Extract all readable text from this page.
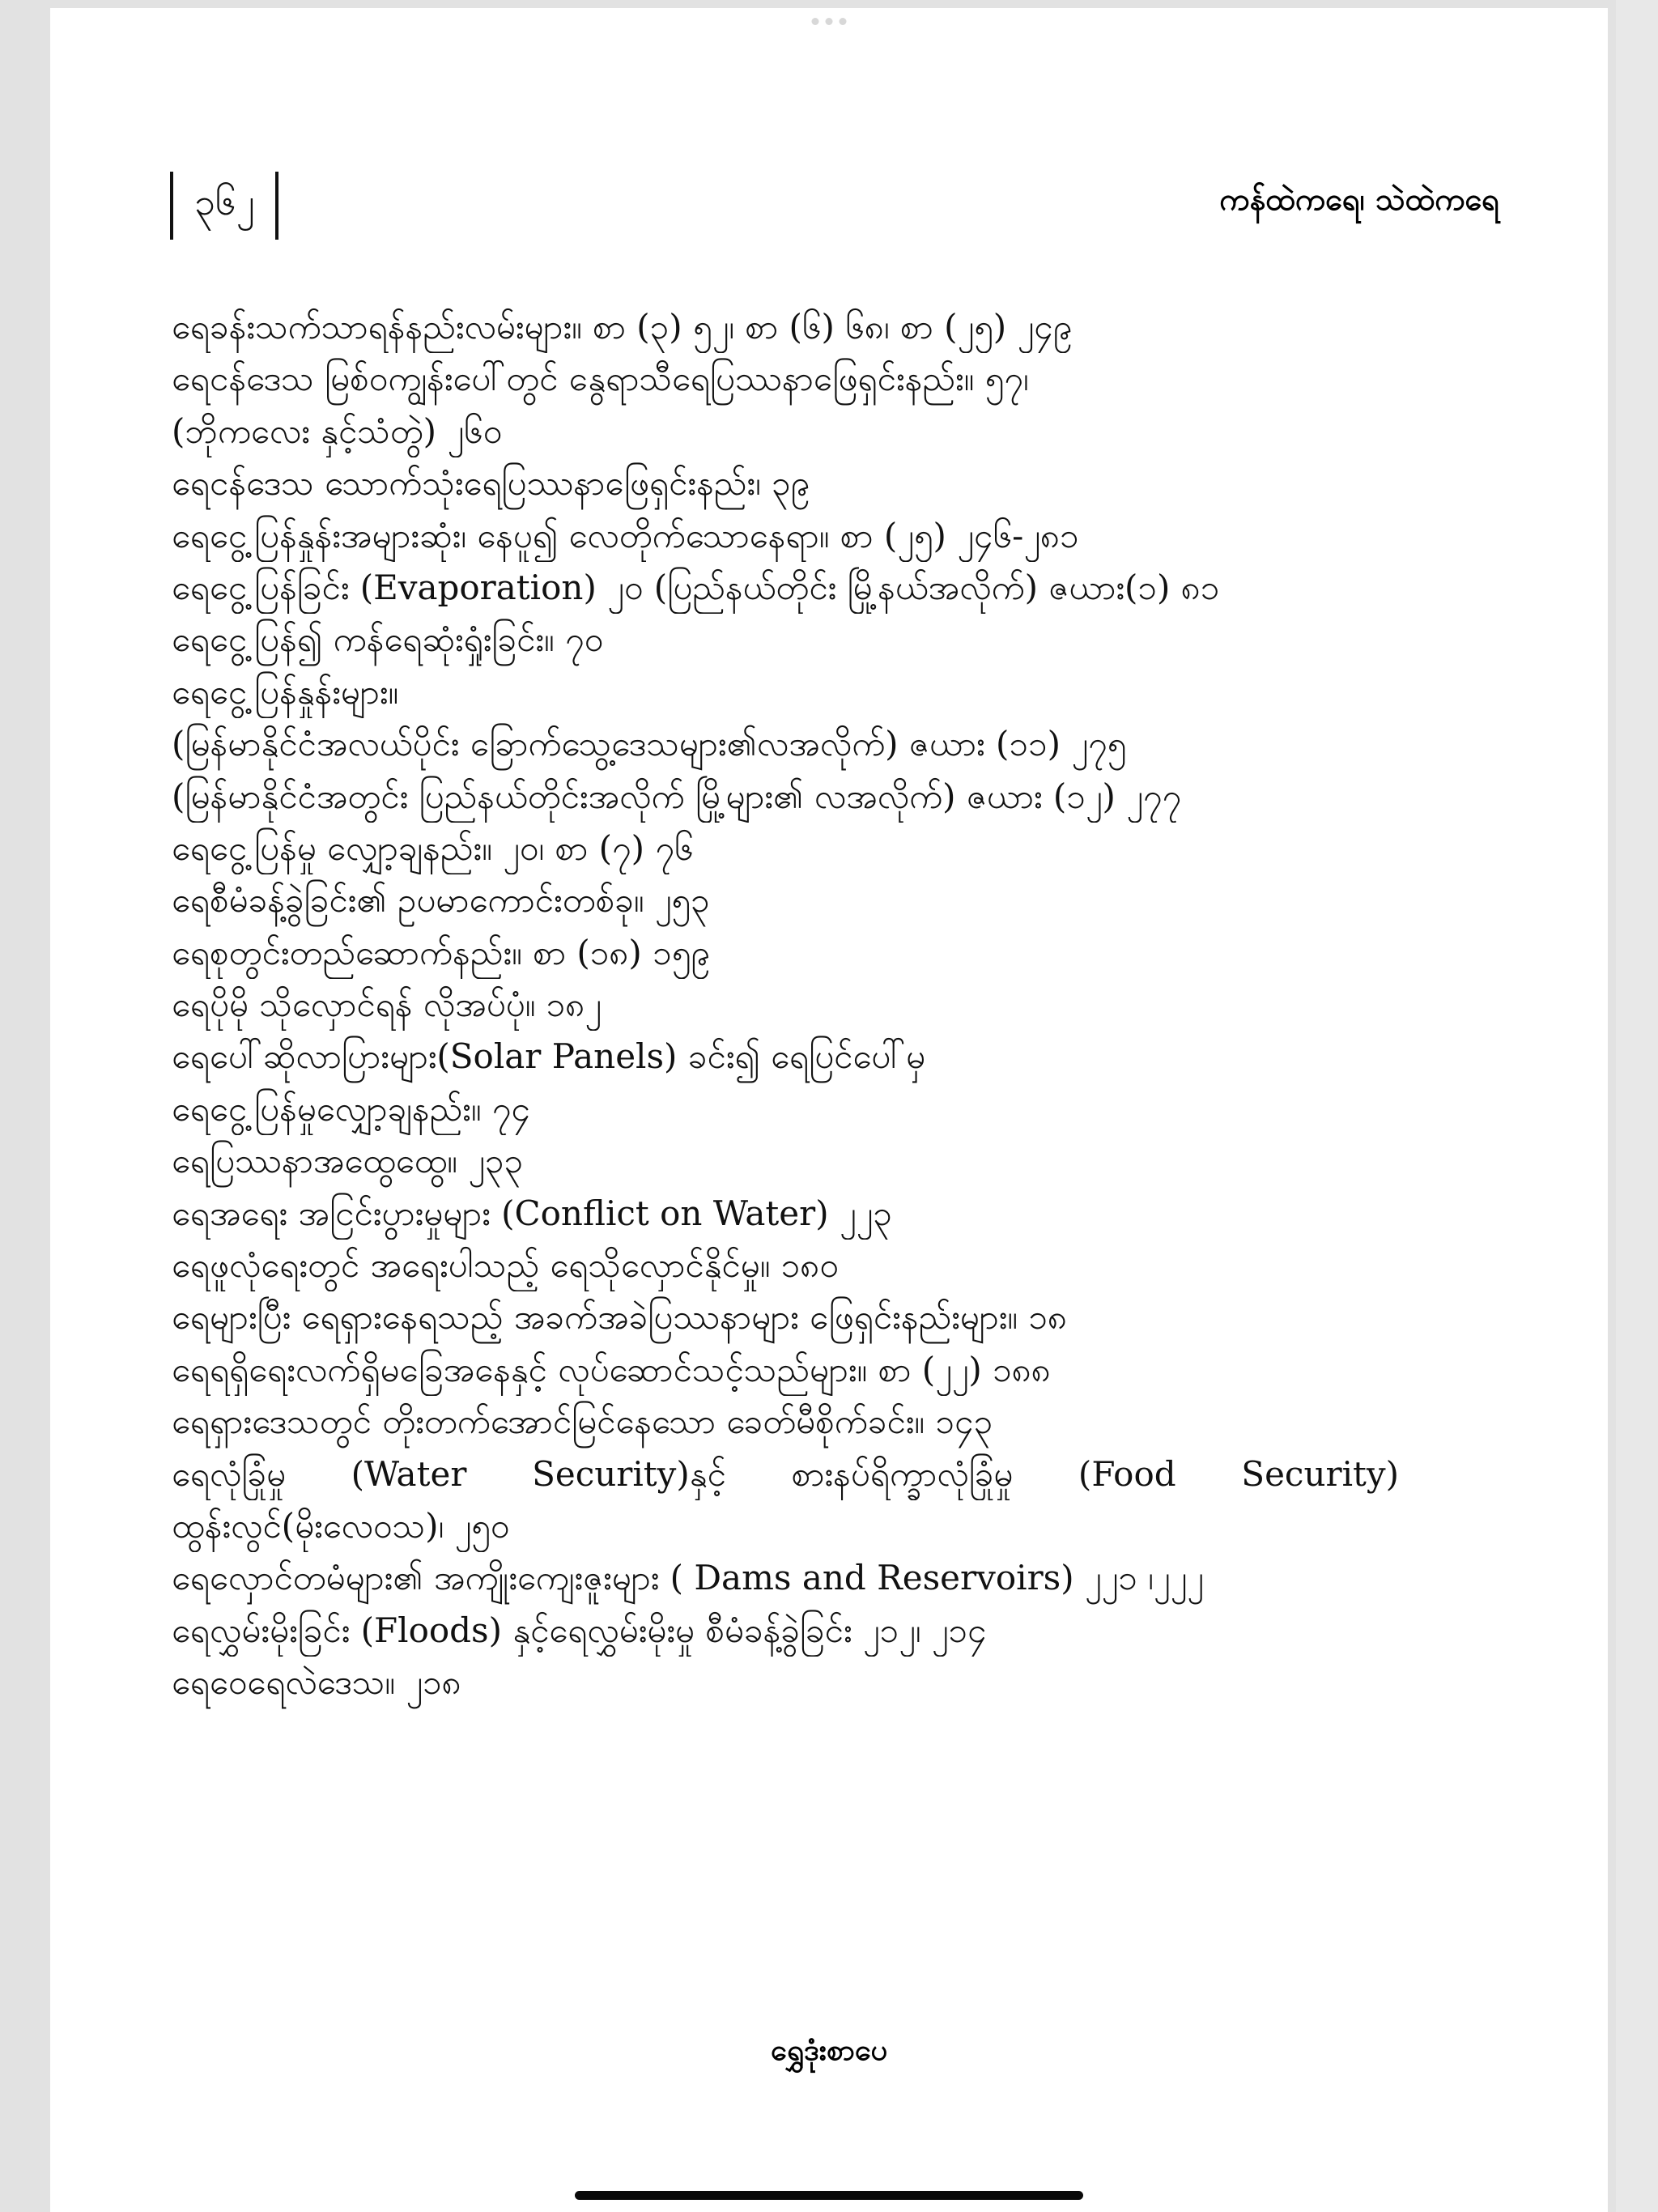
၃၆၂	ကန်ထဲကရေ၊ သဲထဲကရေ
ရေခန်းသက်သာရန်နည်းလမ်းများ။ စာ (၃) ၅၂၊ စာ (၆) ၆၈၊ စာ (၂၅) ၂၄၉
ရေငန်ဒေသ မြစ်ဝကျွန်းပေါ်တွင် နွေရာသီရေပြဿနာဖြေရှင်းနည်း။ ၅၇၊
(ဘိုကလေး နှင့်သံတွဲ) ၂၆၀
ရေငန်ဒေသ သောက်သုံးရေပြဿနာဖြေရှင်းနည်း၊ ၃၉
ရေငွေ့ပြန်နှုန်းအများဆုံး၊ နေပူ၍ လေတိုက်သောနေရာ။ စာ (၂၅) ၂၄၆-၂၈၁
ရေငွေ့ပြန်ခြင်း (Evaporation) ၂၀ (ပြည်နယ်တိုင်း မြို့နယ်အလိုက်) ဇယား(၁) ၈၁
ရေငွေ့ပြန်၍ ကန်ရေဆုံးရှုံးခြင်း။ ၇၀
ရေငွေ့ပြန်နှုန်းများ။
(မြန်မာနိုင်ငံအလယ်ပိုင်း ခြောက်သွေ့ဒေသများ၏လအလိုက်) ဇယား (၁၁) ၂၇၅
(မြန်မာနိုင်ငံအတွင်း ပြည်နယ်တိုင်းအလိုက် မြို့များ၏ လအလိုက်) ဇယား (၁၂) ၂၇၇
ရေငွေ့ပြန်မှု လျှော့ချနည်း။ ၂၀၊ စာ (၇) ၇၆
ရေစီမံခန့်ခွဲခြင်း၏ ဥပမာကောင်းတစ်ခု။ ၂၅၃
ရေစုတွင်းတည်ဆောက်နည်း။ စာ (၁၈) ၁၅၉
ရေပိုမို သိုလှောင်ရန် လိုအပ်ပုံ။ ၁၈၂
ရေပေါ်ဆိုလာပြားများ(Solar Panels) ခင်း၍ ရေပြင်ပေါ်မှ
ရေငွေ့ပြန်မှုလျှော့ချနည်း။ ၇၄
ရေပြဿနာအထွေထွေ။ ၂၃၃
ရေအရေး အငြင်းပွားမှုများ (Conflict on Water) ၂၂၃
ရေဖူလုံရေးတွင် အရေးပါသည့် ရေသိုလှောင်နိုင်မှု။ ၁၈၀
ရေများပြီး ရေရှားနေရသည့် အခက်အခဲပြဿနာများ ဖြေရှင်းနည်းများ။ ၁၈
ရေရရှိရေးလက်ရှိမခြေအနေနှင့် လုပ်ဆောင်သင့်သည်များ။ စာ (၂၂) ၁၈၈
ရေရှားဒေသတွင် တိုးတက်အောင်မြင်နေသော ခေတ်မီစိုက်ခင်း။ ၁၄၃
ရေလုံခြုံမှု (Water Security)နှင့် စားနပ်ရိက္ခာလုံခြုံမှု (Food Security)
ထွန်းလွင်(မိုးလေဝသ)၊ ၂၅၀
ရေလှောင်တမံများ၏ အကျိုးကျေးဇူးများ ( Dams and Reservoirs) ၂၂၁ ၊၂၂၂
ရေလွှမ်းမိုးခြင်း (Floods) နှင့်ရေလွှမ်းမိုးမှု စီမံခန့်ခွဲခြင်း ၂၁၂၊ ၂၁၄
ရေဝေရေလဲဒေသ။ ၂၁၈
ရွှေဒုံးစာပေ
